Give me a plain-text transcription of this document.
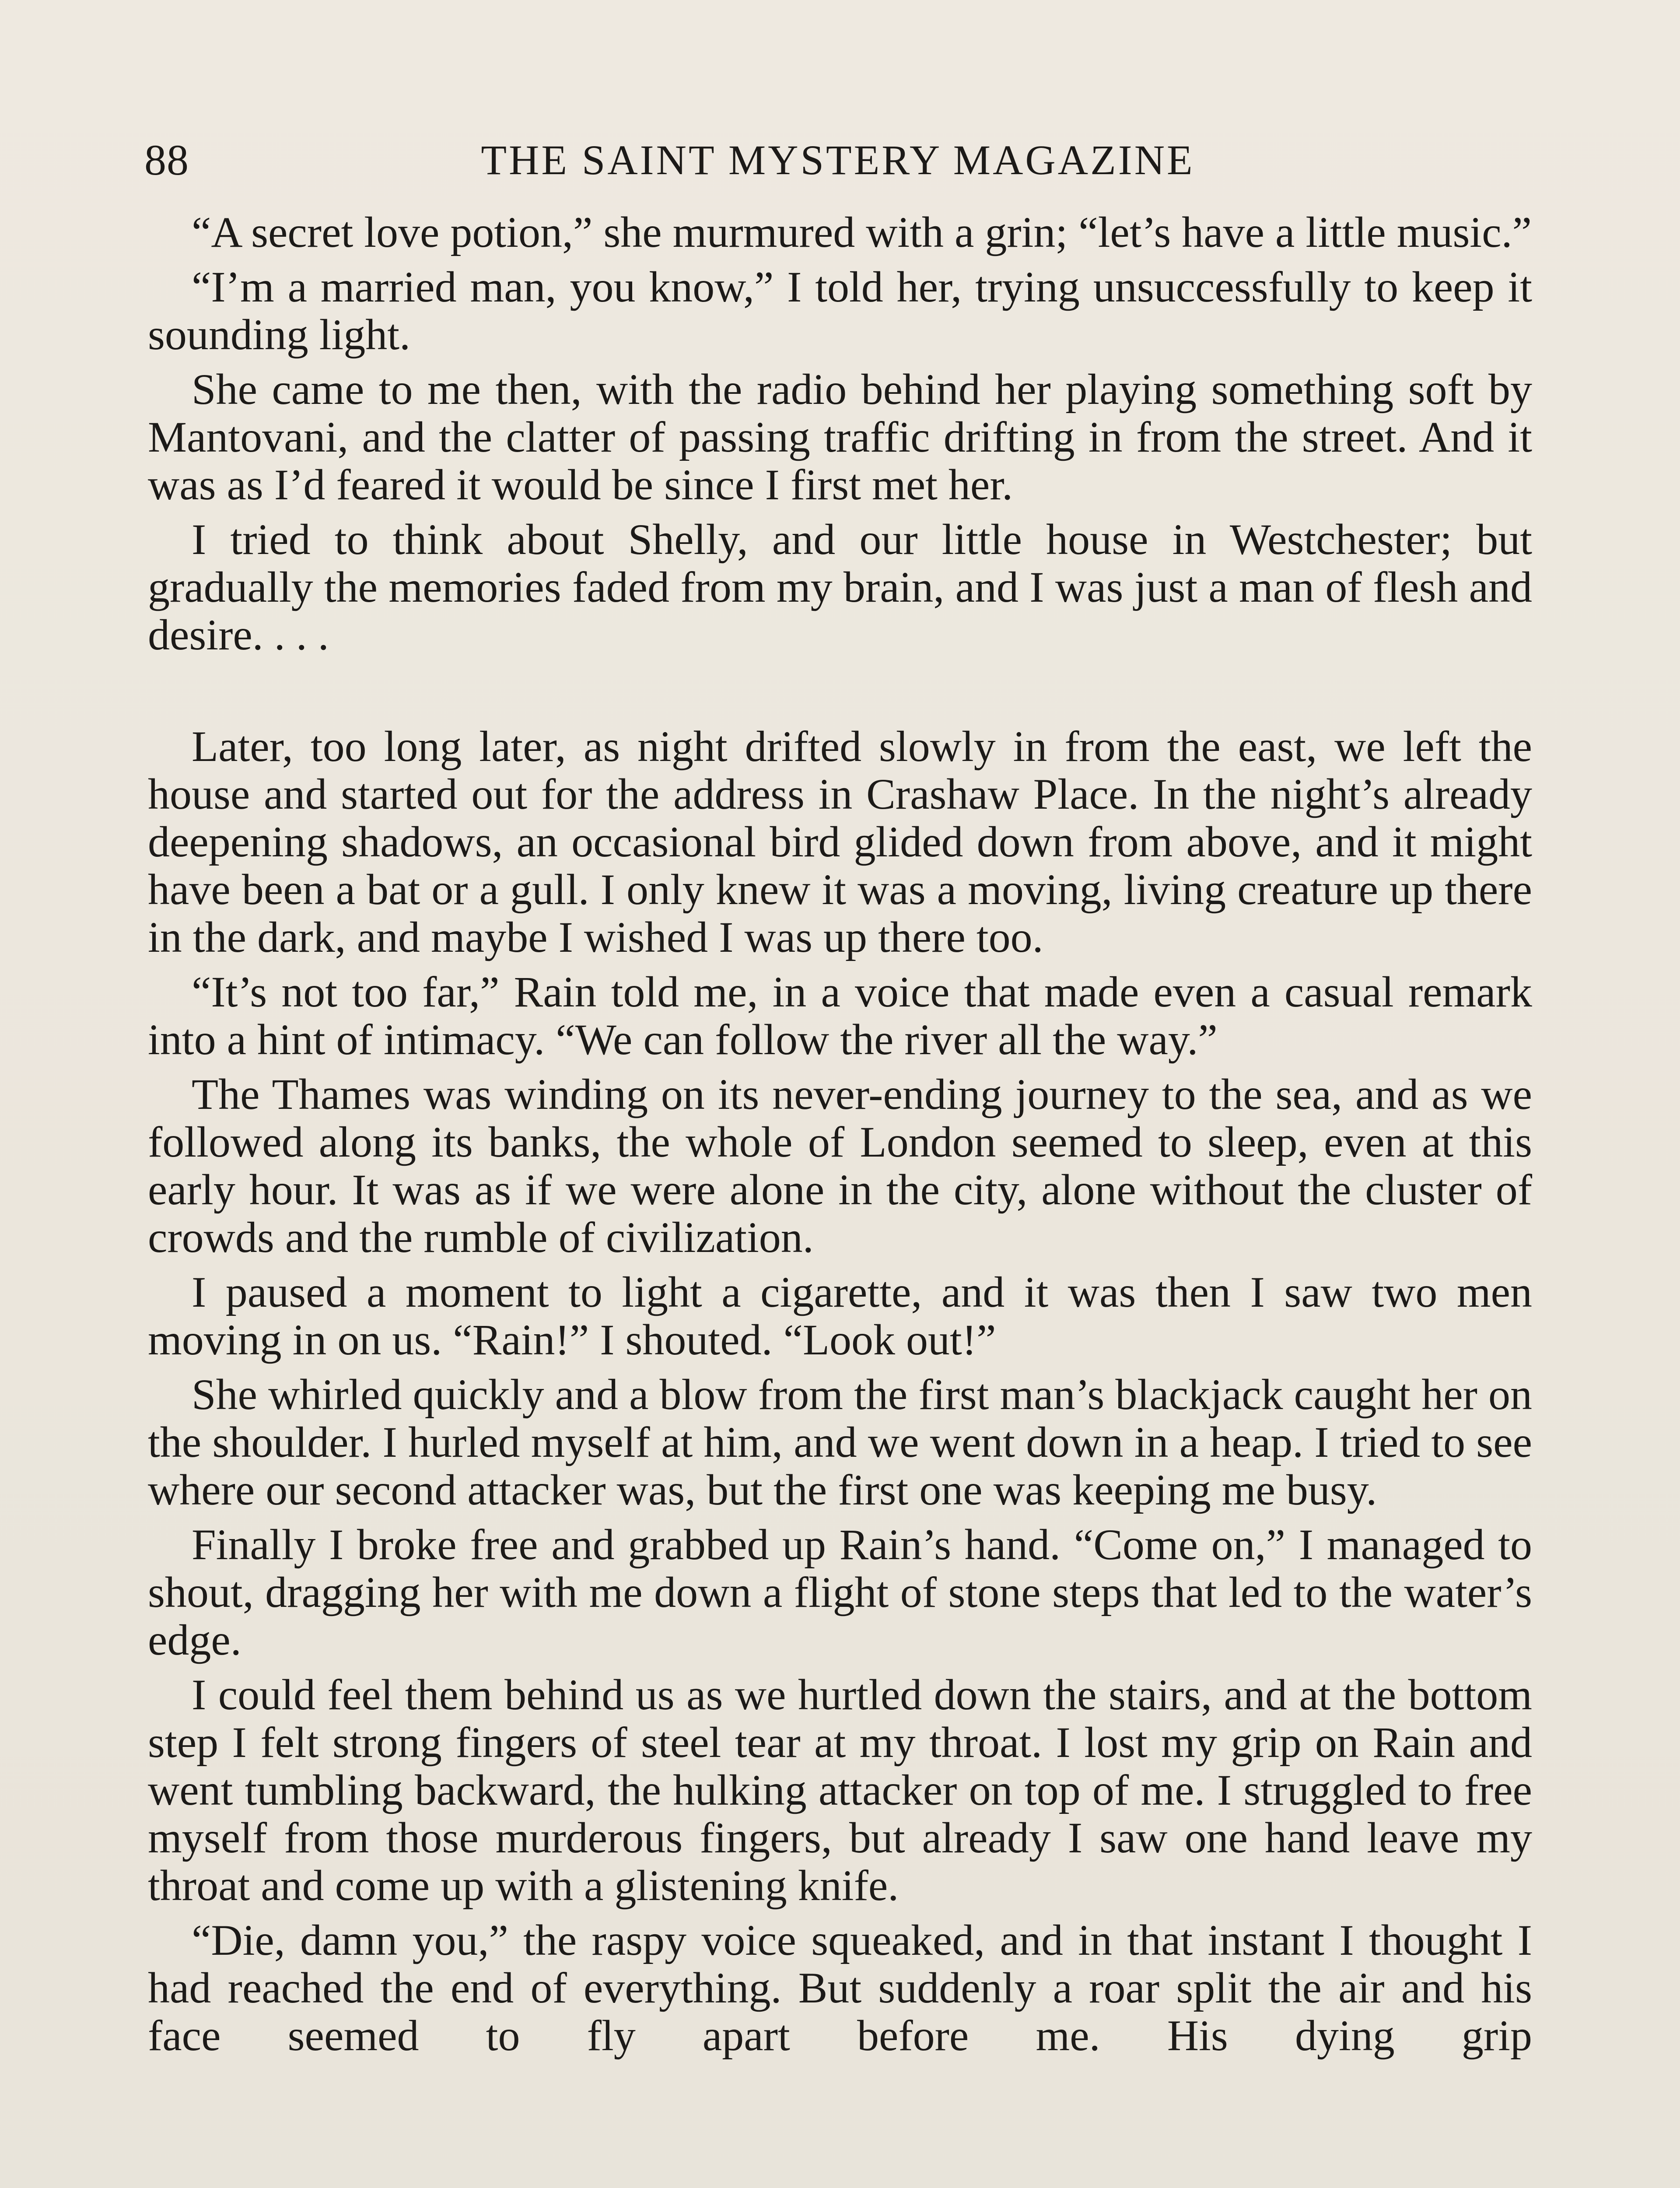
88	THE SAINT MYSTERY MAGAZINE

“A secret love potion,” she murmured with a grin; “let’s have a little music.”

“I’m a married man, you know,” I told her, trying unsuccessfully to keep it sounding light.

She came to me then, with the radio behind her playing something soft by Mantovani, and the clatter of passing traffic drifting in from the street. And it was as I’d feared it would be since I first met her.

I tried to think about Shelly, and our little house in Westchester; but gradually the memories faded from my brain, and I was just a man of flesh and desire. . . .

Later, too long later, as night drifted slowly in from the east, we left the house and started out for the address in Crashaw Place. In the night’s already deepening shadows, an occasional bird glided down from above, and it might have been a bat or a gull. I only knew it was a moving, living creature up there in the dark, and maybe I wished I was up there too.

“It’s not too far,” Rain told me, in a voice that made even a casual remark into a hint of intimacy. “We can follow the river all the way.”

The Thames was winding on its never-ending journey to the sea, and as we followed along its banks, the whole of London seemed to sleep, even at this early hour. It was as if we were alone in the city, alone without the cluster of crowds and the rumble of civilization.

I paused a moment to light a cigarette, and it was then I saw two men moving in on us. “Rain!” I shouted. “Look out!”

She whirled quickly and a blow from the first man’s blackjack caught her on the shoulder. I hurled myself at him, and we went down in a heap. I tried to see where our second attacker was, but the first one was keeping me busy.

Finally I broke free and grabbed up Rain’s hand. “Come on,” I managed to shout, dragging her with me down a flight of stone steps that led to the water’s edge.

I could feel them behind us as we hurtled down the stairs, and at the bottom step I felt strong fingers of steel tear at my throat. I lost my grip on Rain and went tumbling backward, the hulking attacker on top of me. I struggled to free myself from those murderous fingers, but already I saw one hand leave my throat and come up with a glistening knife.

“Die, damn you,” the raspy voice squeaked, and in that instant I thought I had reached the end of everything. But suddenly a roar split the air and his face seemed to fly apart before me. His dying grip
